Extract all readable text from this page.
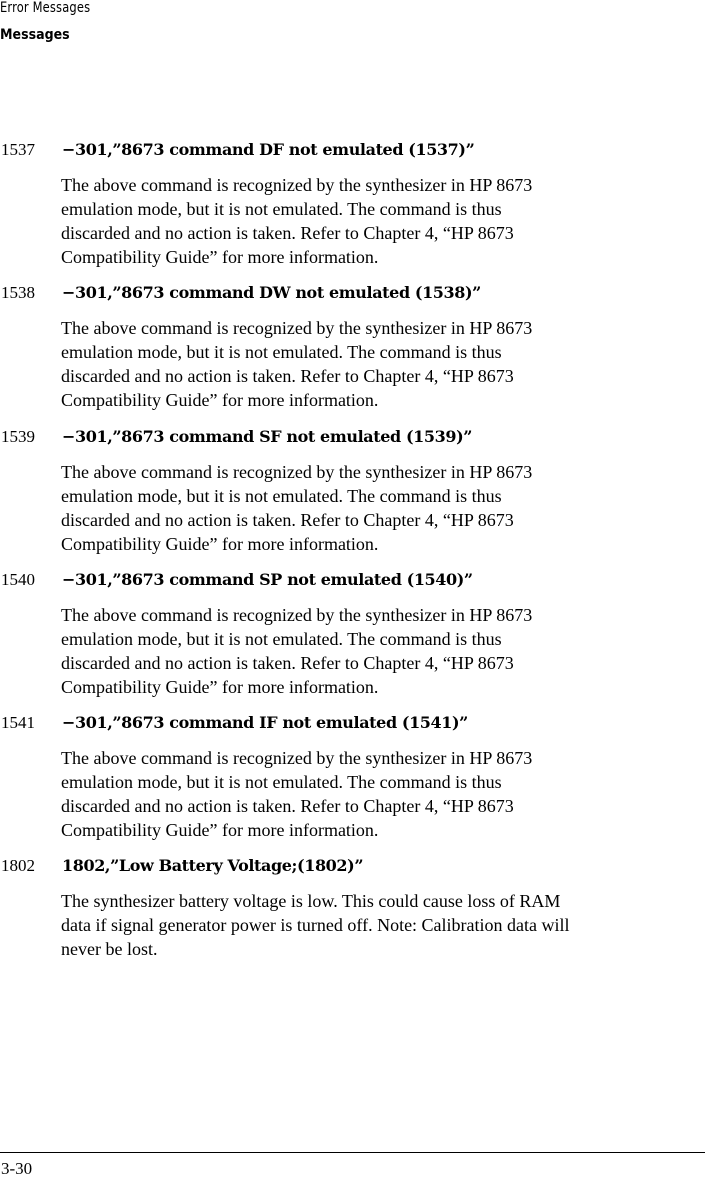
Error Messages
Messages
1537 −301,”8673 command DF not emulated (1537)”
The above command is recognized by the synthesizer in HP 8673
emulation mode, but it is not emulated. The command is thus
discarded and no action is taken. Refer to Chapter 4, “HP 8673
Compatibility Guide” for more information.
1538 −301,”8673 command DW not emulated (1538)”
The above command is recognized by the synthesizer in HP 8673
emulation mode, but it is not emulated. The command is thus
discarded and no action is taken. Refer to Chapter 4, “HP 8673
Compatibility Guide” for more information.
1539 −301,”8673 command SF not emulated (1539)”
The above command is recognized by the synthesizer in HP 8673
emulation mode, but it is not emulated. The command is thus
discarded and no action is taken. Refer to Chapter 4, “HP 8673
Compatibility Guide” for more information.
1540 −301,”8673 command SP not emulated (1540)”
The above command is recognized by the synthesizer in HP 8673
emulation mode, but it is not emulated. The command is thus
discarded and no action is taken. Refer to Chapter 4, “HP 8673
Compatibility Guide” for more information.
1541 −301,”8673 command IF not emulated (1541)”
The above command is recognized by the synthesizer in HP 8673
emulation mode, but it is not emulated. The command is thus
discarded and no action is taken. Refer to Chapter 4, “HP 8673
Compatibility Guide” for more information.
1802 1802,”Low Battery Voltage;(1802)”
The synthesizer battery voltage is low. This could cause loss of RAM
data if signal generator power is turned off. Note: Calibration data will
never be lost.
3-30
